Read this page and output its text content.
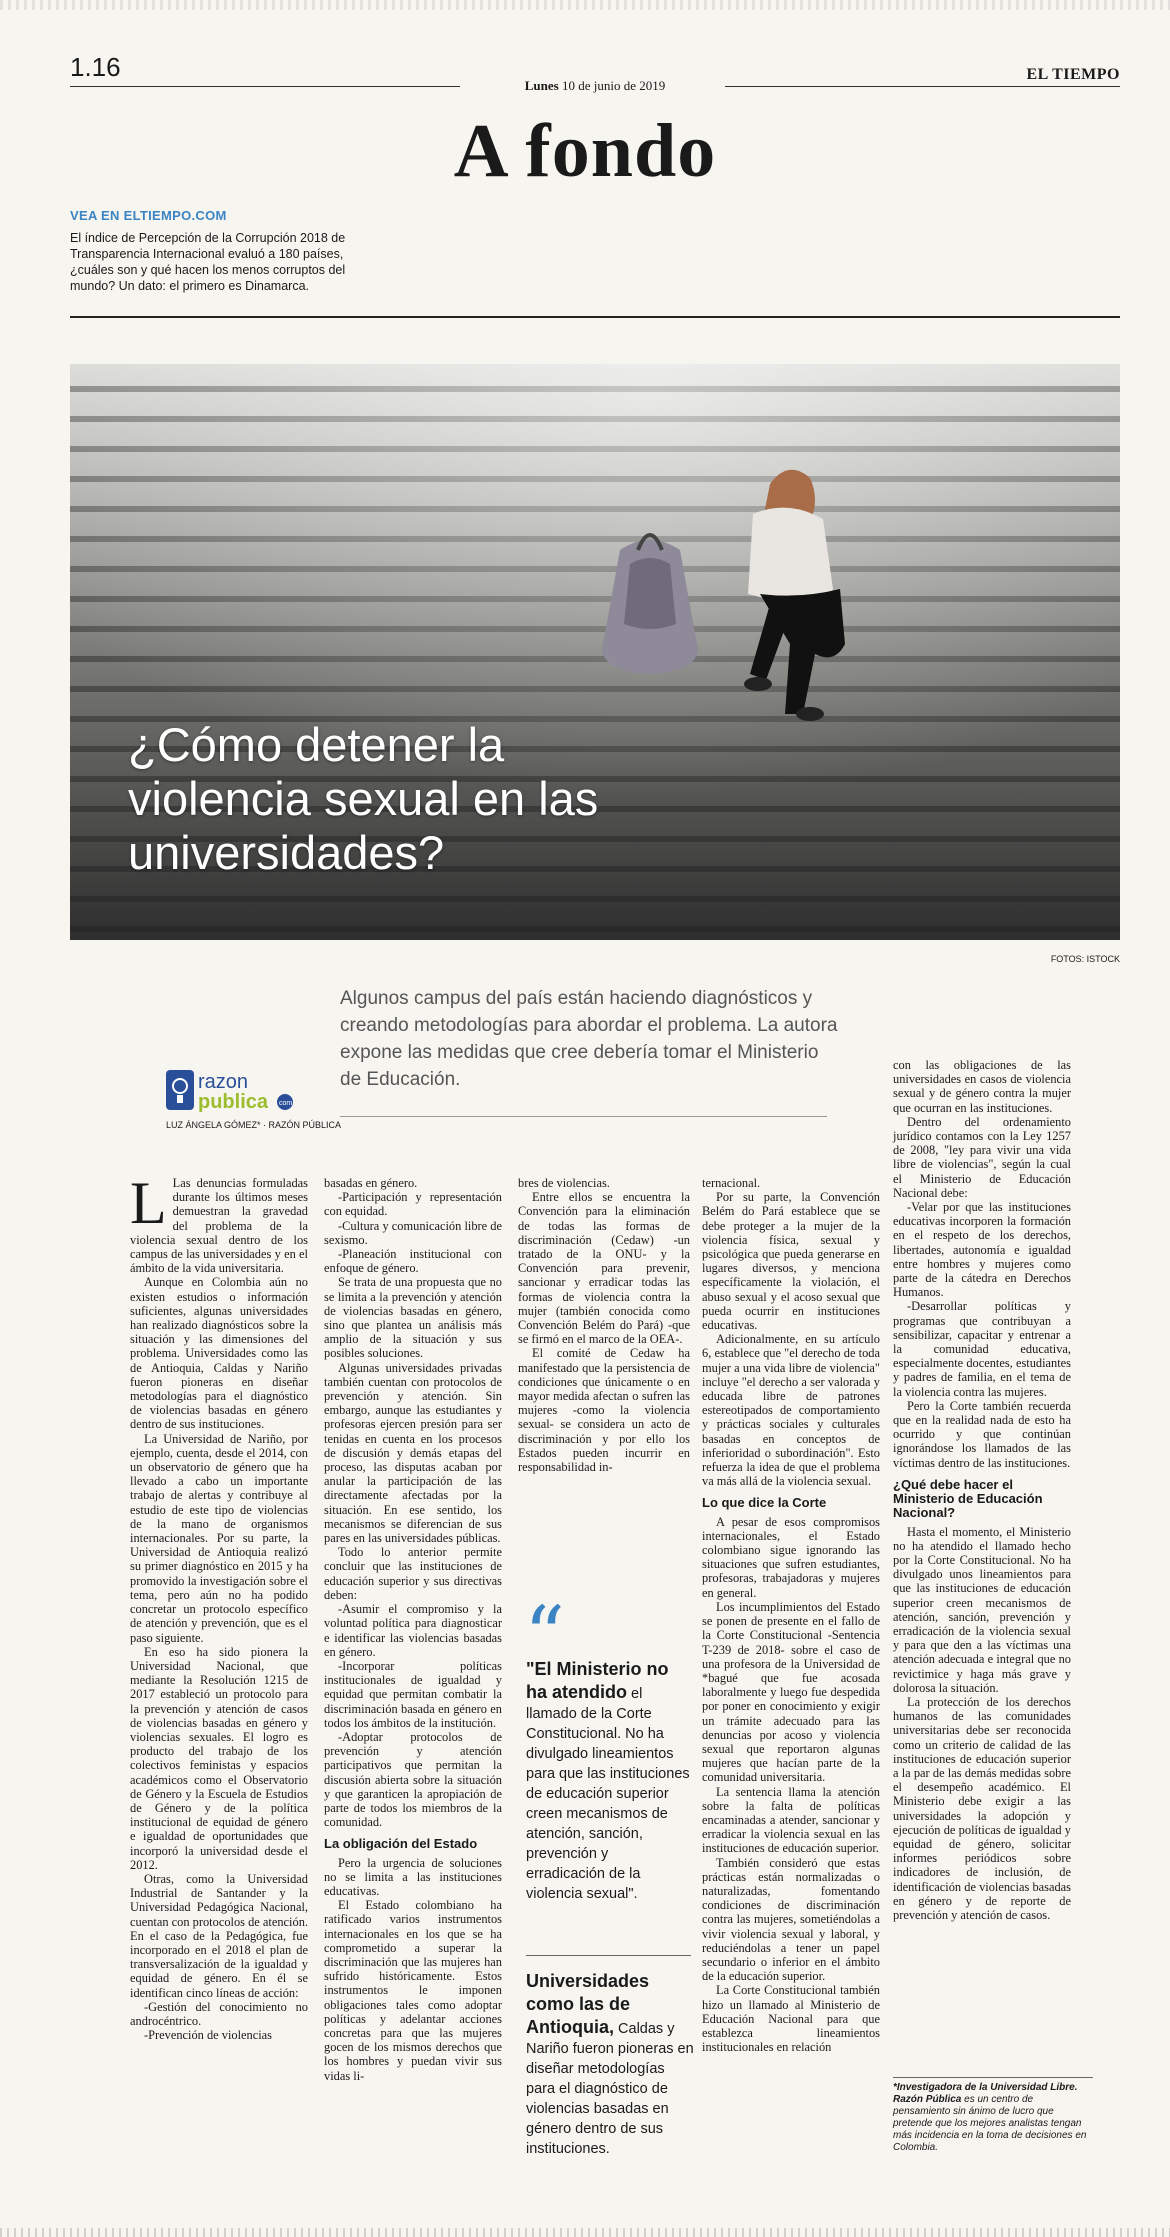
1.16
Lunes 10 de junio de 2019
EL TIEMPO
A fondo
VEA EN ELTIEMPO.COM
El índice de Percepción de la Corrupción 2018 de Transparencia Internacional evaluó a 180 países, ¿cuáles son y qué hacen los menos corruptos del mundo? Un dato: el primero es Dinamarca.
¿Cómo detener la violencia sexual en las universidades?
FOTOS: ISTOCK
Algunos campus del país están haciendo diagnósticos y creando metodologías para abordar el problema. La autora expone las medidas que cree debería tomar el Ministerio de Educación.
razon
publica com
LUZ ÁNGELA GÓMEZ* · RAZÓN PÚBLICA

L Las denuncias formuladas durante los últimos meses demuestran la gravedad del problema de la violencia sexual dentro de los campus de las universidades y en el ámbito de la vida universitaria.

Aunque en Colombia aún no existen estudios o información suficientes, algunas universidades han realizado diagnósticos sobre la situación y las dimensiones del problema. Universidades como las de Antioquia, Caldas y Nariño fueron pioneras en diseñar metodologías para el diagnóstico de violencias basadas en género dentro de sus instituciones.

La Universidad de Nariño, por ejemplo, cuenta, desde el 2014, con un observatorio de género que ha llevado a cabo un importante trabajo de alertas y contribuye al estudio de este tipo de violencias de la mano de organismos internacionales. Por su parte, la Universidad de Antioquia realizó su primer diagnóstico en 2015 y ha promovido la investigación sobre el tema, pero aún no ha podido concretar un protocolo específico de atención y prevención, que es el paso siguiente.

En eso ha sido pionera la Universidad Nacional, que mediante la Resolución 1215 de 2017 estableció un protocolo para la prevención y atención de casos de violencias basadas en género y violencias sexuales. El logro es producto del trabajo de los colectivos feministas y espacios académicos como el Observatorio de Género y la Escuela de Estudios de Género y de la política institucional de equidad de género e igualdad de oportunidades que incorporó la universidad desde el 2012.

Otras, como la Universidad Industrial de Santander y la Universidad Pedagógica Nacional, cuentan con protocolos de atención. En el caso de la Pedagógica, fue incorporado en el 2018 el plan de transversalización de la igualdad y equidad de género. En él se identifican cinco líneas de acción:

-Gestión del conocimiento no androcéntrico.

-Prevención de violencias

basadas en género.

-Participación y representación con equidad.

-Cultura y comunicación libre de sexismo.

-Planeación institucional con enfoque de género.

Se trata de una propuesta que no se limita a la prevención y atención de violencias basadas en género, sino que plantea un análisis más amplio de la situación y sus posibles soluciones.

Algunas universidades privadas también cuentan con protocolos de prevención y atención. Sin embargo, aunque las estudiantes y profesoras ejercen presión para ser tenidas en cuenta en los procesos de discusión y demás etapas del proceso, las disputas acaban por anular la participación de las directamente afectadas por la situación. En ese sentido, los mecanismos se diferencian de sus pares en las universidades públicas.

Todo lo anterior permite concluir que las instituciones de educación superior y sus directivas deben:

-Asumir el compromiso y la voluntad política para diagnosticar e identificar las violencias basadas en género.

-Incorporar políticas institucionales de igualdad y equidad que permitan combatir la discriminación basada en género en todos los ámbitos de la institución.

-Adoptar protocolos de prevención y atención participativos que permitan la discusión abierta sobre la situación y que garanticen la apropiación de parte de todos los miembros de la comunidad.

La obligación del Estado

Pero la urgencia de soluciones no se limita a las instituciones educativas.

El Estado colombiano ha ratificado varios instrumentos internacionales en los que se ha comprometido a superar la discriminación que las mujeres han sufrido históricamente. Estos instrumentos le imponen obligaciones tales como adoptar políticas y adelantar acciones concretas para que las mujeres gocen de los mismos derechos que los hombres y puedan vivir sus vidas li-

bres de violencias.

Entre ellos se encuentra la Convención para la eliminación de todas las formas de discriminación (Cedaw) -un tratado de la ONU- y la Convención para prevenir, sancionar y erradicar todas las formas de violencia contra la mujer (también conocida como Convención Belém do Pará) -que se firmó en el marco de la OEA-.

El comité de Cedaw ha manifestado que la persistencia de condiciones que únicamente o en mayor medida afectan o sufren las mujeres -como la violencia sexual- se considera un acto de discriminación y por ello los Estados pueden incurrir en responsabilidad in-

“
"El Ministerio no ha atendido el llamado de la Corte Constitucional. No ha divulgado lineamientos para que las instituciones de educación superior creen mecanismos de atención, sanción, prevención y erradicación de la violencia sexual".
Universidades como las de Antioquia, Caldas y Nariño fueron pioneras en diseñar metodologías para el diagnóstico de violencias basadas en género dentro de sus instituciones.

ternacional.

Por su parte, la Convención Belém do Pará establece que se debe proteger a la mujer de la violencia física, sexual y psicológica que pueda generarse en lugares diversos, y menciona específicamente la violación, el abuso sexual y el acoso sexual que pueda ocurrir en instituciones educativas.

Adicionalmente, en su artículo 6, establece que "el derecho de toda mujer a una vida libre de violencia" incluye "el derecho a ser valorada y educada libre de patrones estereotipados de comportamiento y prácticas sociales y culturales basadas en conceptos de inferioridad o subordinación". Esto refuerza la idea de que el problema va más allá de la violencia sexual.

Lo que dice la Corte

A pesar de esos compromisos internacionales, el Estado colombiano sigue ignorando las situaciones que sufren estudiantes, profesoras, trabajadoras y mujeres en general.

Los incumplimientos del Estado se ponen de presente en el fallo de la Corte Constitucional -Sentencia T-239 de 2018- sobre el caso de una profesora de la Universidad de *bagué que fue acosada laboralmente y luego fue despedida por poner en conocimiento y exigir un trámite adecuado para las denuncias por acoso y violencia sexual que reportaron algunas mujeres que hacían parte de la comunidad universitaria.

La sentencia llama la atención sobre la falta de políticas encaminadas a atender, sancionar y erradicar la violencia sexual en las instituciones de educación superior.

También consideró que estas prácticas están normalizadas o naturalizadas, fomentando condiciones de discriminación contra las mujeres, sometiéndolas a vivir violencia sexual y laboral, y reduciéndolas a tener un papel secundario o inferior en el ámbito de la educación superior.

La Corte Constitucional también hizo un llamado al Ministerio de Educación Nacional para que establezca lineamientos institucionales en relación

con las obligaciones de las universidades en casos de violencia sexual y de género contra la mujer que ocurran en las instituciones.

Dentro del ordenamiento jurídico contamos con la Ley 1257 de 2008, "ley para vivir una vida libre de violencias", según la cual el Ministerio de Educación Nacional debe:

-Velar por que las instituciones educativas incorporen la formación en el respeto de los derechos, libertades, autonomía e igualdad entre hombres y mujeres como parte de la cátedra en Derechos Humanos.

-Desarrollar políticas y programas que contribuyan a sensibilizar, capacitar y entrenar a la comunidad educativa, especialmente docentes, estudiantes y padres de familia, en el tema de la violencia contra las mujeres.

Pero la Corte también recuerda que en la realidad nada de esto ha ocurrido y que continúan ignorándose los llamados de las víctimas dentro de las instituciones.

¿Qué debe hacer el Ministerio de Educación Nacional?

Hasta el momento, el Ministerio no ha atendido el llamado hecho por la Corte Constitucional. No ha divulgado unos lineamientos para que las instituciones de educación superior creen mecanismos de atención, sanción, prevención y erradicación de la violencia sexual y para que den a las víctimas una atención adecuada e integral que no revictimice y haga más grave y dolorosa la situación.

La protección de los derechos humanos de las comunidades universitarias debe ser reconocida como un criterio de calidad de las instituciones de educación superior a la par de las demás medidas sobre el desempeño académico. El Ministerio debe exigir a las universidades la adopción y ejecución de políticas de igualdad y equidad de género, solicitar informes periódicos sobre indicadores de inclusión, de identificación de violencias basadas en género y de reporte de prevención y atención de casos.

*Investigadora de la Universidad Libre.
Razón Pública es un centro de pensamiento sin ánimo de lucro que pretende que los mejores analistas tengan más incidencia en la toma de decisiones en Colombia.
